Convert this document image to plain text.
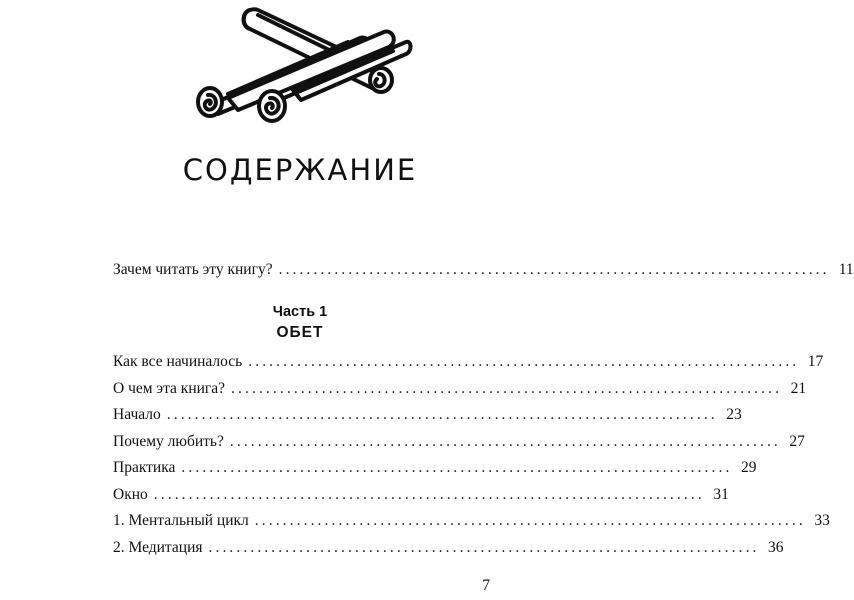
СОДЕРЖАНИЕ
Зачем читать эту книгу? ............................................................................... 11
Часть 1
ОБЕТ
Как все начиналось ............................................................................... 17
О чем эта книга? ............................................................................... 21
Начало ............................................................................... 23
Почему любить? ............................................................................... 27
Практика ............................................................................... 29
Окно ............................................................................... 31
1. Ментальный цикл ............................................................................... 33
2. Медитация ............................................................................... 36
7
